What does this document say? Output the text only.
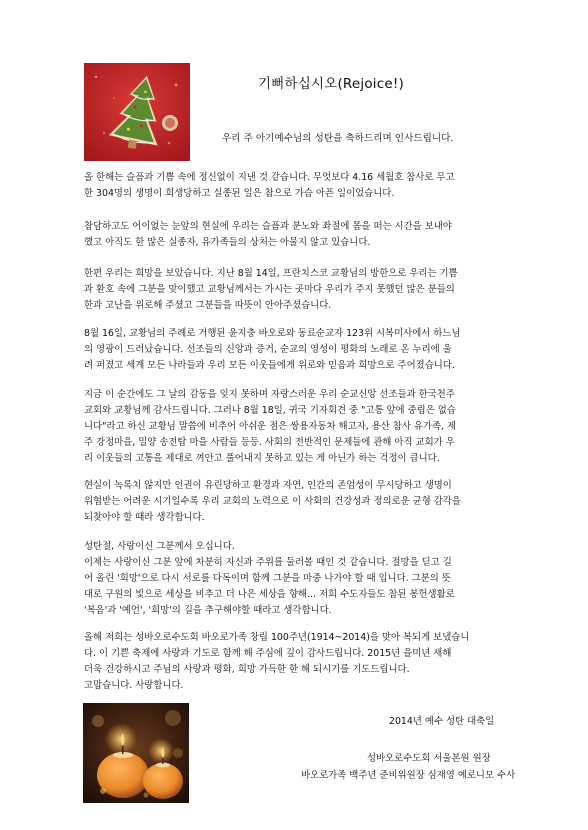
기뻐하십시오(Rejoice!)
우리 주 아기예수님의 성탄을 축하드리며 인사드립니다.

올 한해는 슬픔과 기쁨 속에 정신없이 지낸 것 같습니다. 무엇보다 4.16 세월호 참사로 무고
한 304명의 생명이 희생당하고 실종된 일은 참으로 가슴 아픈 일이었습니다.

참담하고도 어이없는 눈앞의 현실에 우리는 슬픔과 분노와 좌절에 몸을 떠는 시간을 보내야
했고 아직도 한 많은 실종자, 유가족들의 상처는 아물지 않고 있습니다.

한편 우리는 희망을 보았습니다. 지난 8월 14일, 프란치스코 교황님의 방한으로 우리는 기쁨
과 환호 속에 그분을 맞이했고 교황님께서는 가시는 곳마다 우리가 주지 못했던 많은 분들의
한과 고난을 위로해 주셨고 그분들을 따뜻이 안아주셨습니다.

8월 16일, 교황님의 주례로 거행된 윤지충 바오로와 동료순교자 123위 시복미사에서 하느님
의 영광이 드러났습니다. 선조들의 신앙과 증거, 순교의 영성이 평화의 노래로 온 누리에 울
려 퍼졌고 세계 모든 나라들과 우리 모든 이웃들에게 위로와 믿음과 희망으로 주어졌습니다.

지금 이 순간에도 그 날의 감동을 잊지 못하며 자랑스러운 우리 순교신앙 선조들과 한국천주
교회와 교황님께 감사드립니다. 그러나 8월 18일, 귀국 기자회견 중 "고통 앞에 중립은 없습
니다"라고 하신 교황님 말씀에 비추어 아쉬운 점은 쌍용자동차 해고자, 용산 참사 유가족, 제
주 강정마을, 밀양 송전탑 마을 사람들 등등. 사회의 전반적인 문제들에 관해 아직 교회가 우
리 이웃들의 고통을 제대로 껴안고 풀어내지 못하고 있는 게 아닌가 하는 걱정이 큽니다.

현실이 녹록치 않지만 인권이 유린당하고 환경과 자연, 인간의 존엄성이 무시당하고 생명이
위협받는 어려운 시기일수록 우리 교회의 노력으로 이 사회의 건강성과 정의로운 균형 감각을
되찾아야 할 때라 생각합니다.

성탄절, 사랑이신 그분께서 오십니다.
이제는 사랑이신 그분 앞에 차분히 자신과 주위를 둘러볼 때인 것 같습니다. 절망을 딛고 길
어 올린 '희망'으로 다시 서로를 다독이며 함께 그분을 마중 나가야 할 때 입니다. 그분의 뜻
대로 구원의 빛으로 세상을 비추고 더 나은 세상을 향해... 저희 수도자들도 참된 봉헌생활로
'복음'과 '예언', '희망'의 길을 추구해야할 때라고 생각합니다.

올해 저희는 성바오로수도회 바오로가족 창립 100주년(1914~2014)을 맞아 복되게 보냈습니
다. 이 기쁜 축제에 사랑과 기도로 함께 해 주심에 깊이 감사드립니다. 2015년 을미년 새해
더욱 건강하시고 주님의 사랑과 평화, 희망 가득한 한 해 되시기를 기도드립니다.
고맙습니다. 사랑합니다.

2014년 예수 성탄 대축일
성바오로수도회 서울본원 원장
바오로가족 백주년 준비위원장 심재영 예로니모 수사
